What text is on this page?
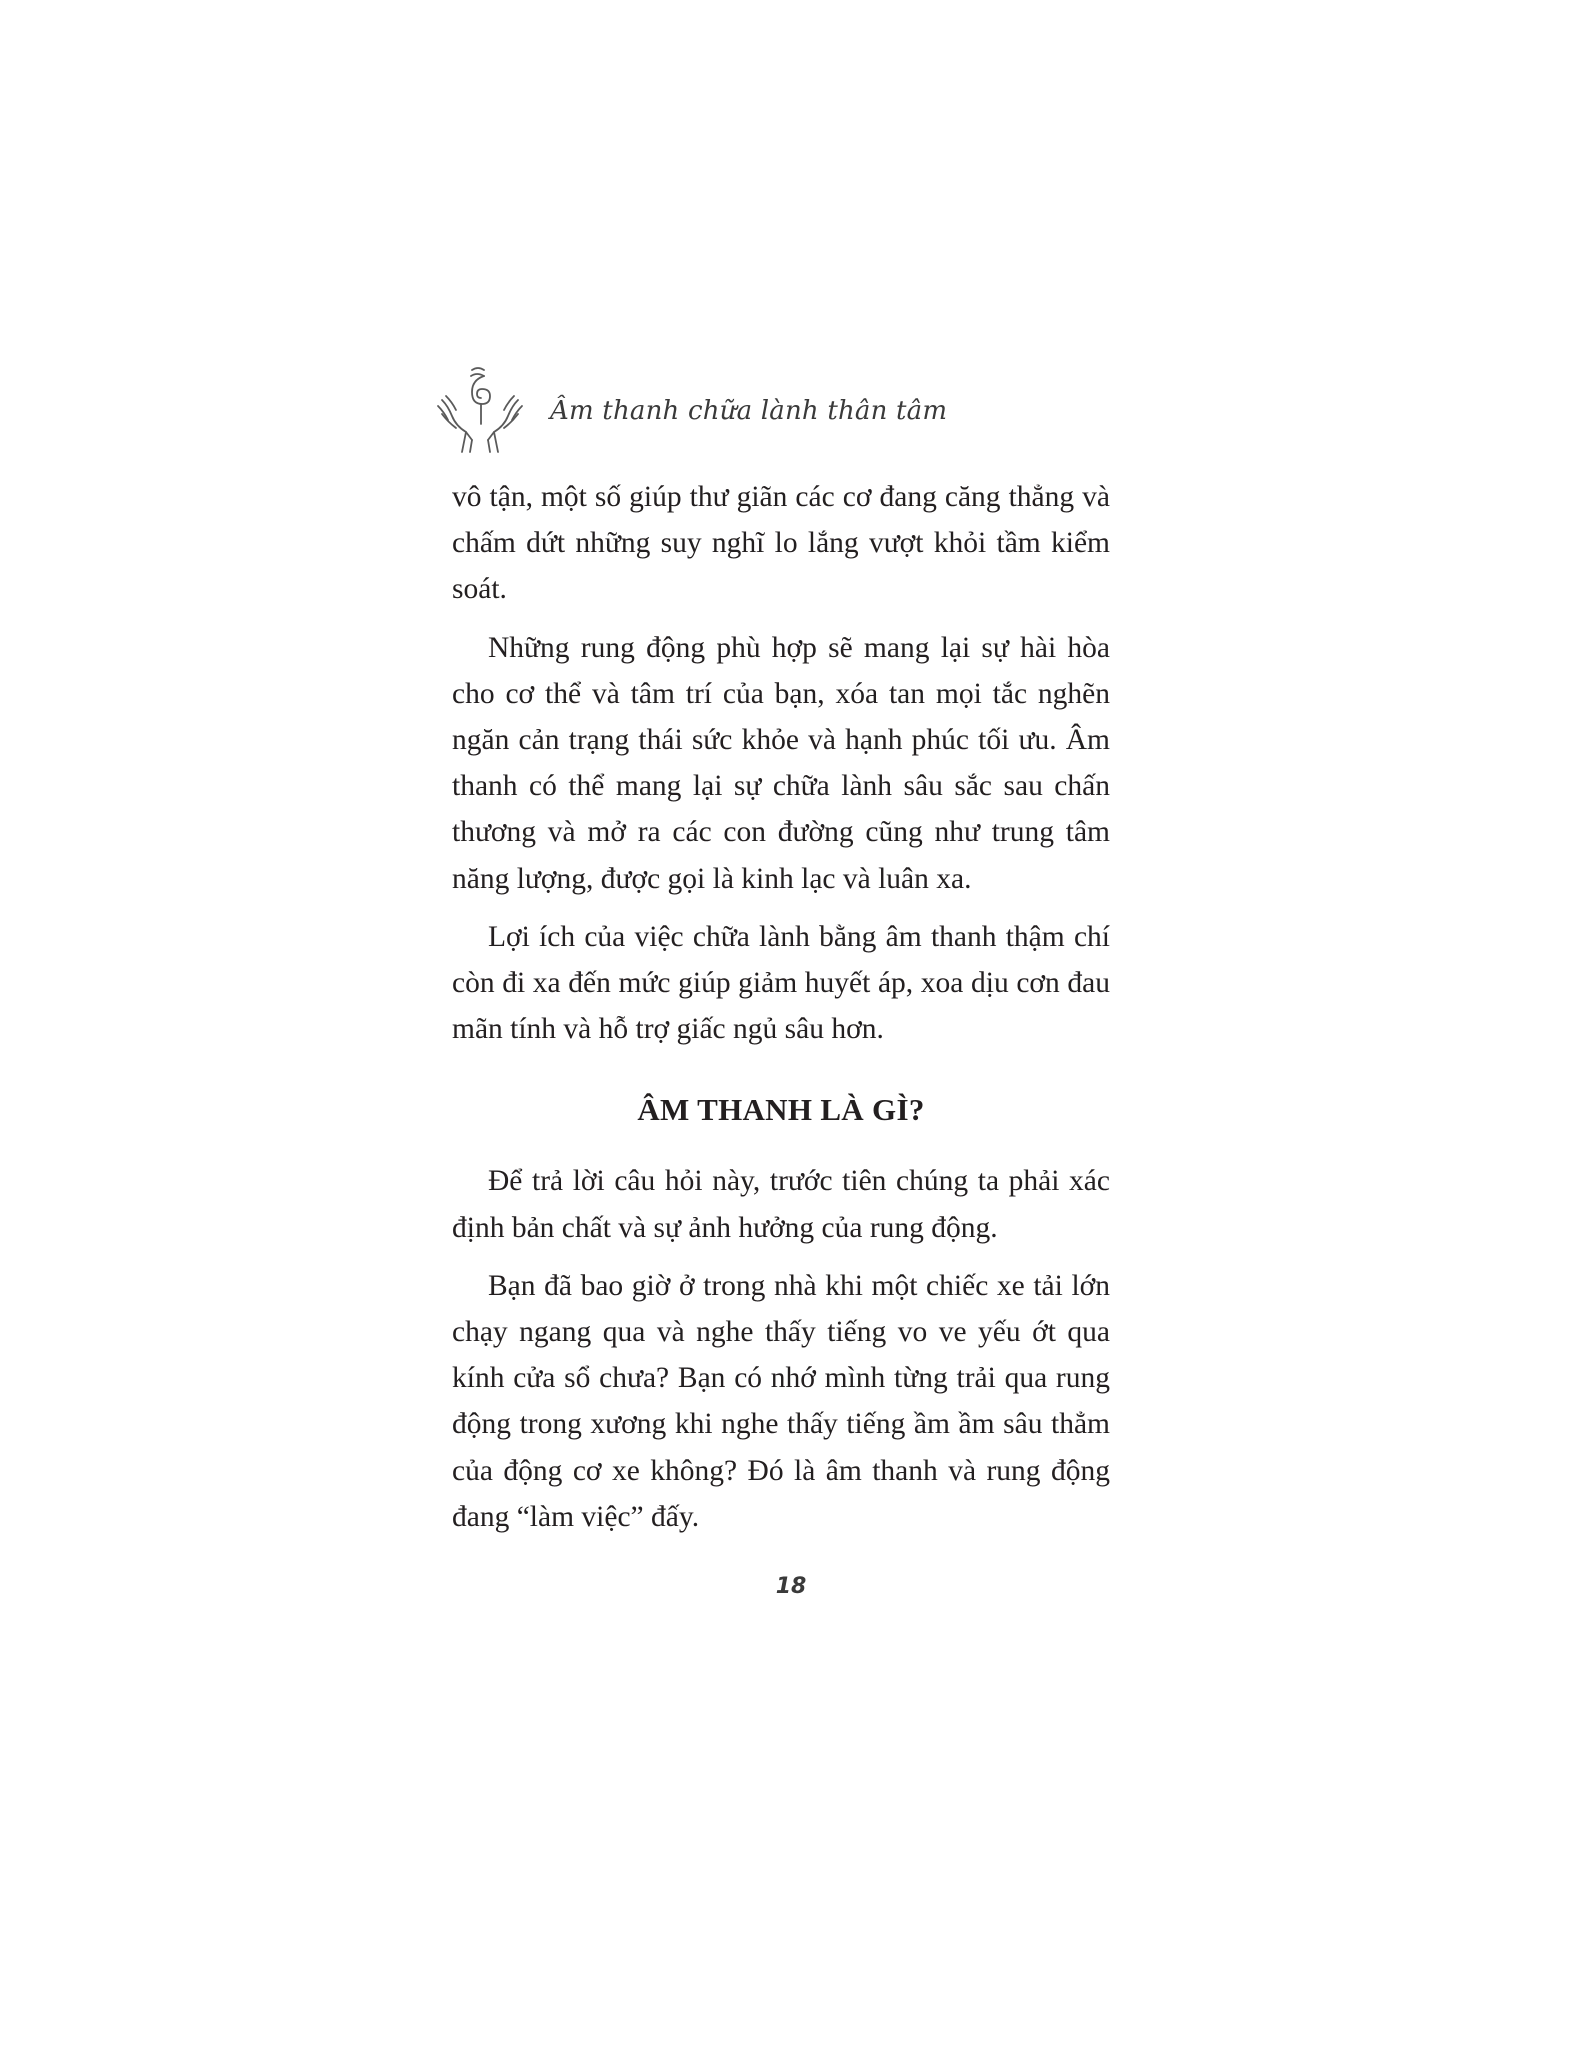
Âm thanh chữa lành thân tâm

vô tận, một số giúp thư giãn các cơ đang căng thẳng và chấm dứt những suy nghĩ lo lắng vượt khỏi tầm kiểm soát.

Những rung động phù hợp sẽ mang lại sự hài hòa cho cơ thể và tâm trí của bạn, xóa tan mọi tắc nghẽn ngăn cản trạng thái sức khỏe và hạnh phúc tối ưu. Âm thanh có thể mang lại sự chữa lành sâu sắc sau chấn thương và mở ra các con đường cũng như trung tâm năng lượng, được gọi là kinh lạc và luân xa.

Lợi ích của việc chữa lành bằng âm thanh thậm chí còn đi xa đến mức giúp giảm huyết áp, xoa dịu cơn đau mãn tính và hỗ trợ giấc ngủ sâu hơn.

ÂM THANH LÀ GÌ?

Để trả lời câu hỏi này, trước tiên chúng ta phải xác định bản chất và sự ảnh hưởng của rung động.

Bạn đã bao giờ ở trong nhà khi một chiếc xe tải lớn chạy ngang qua và nghe thấy tiếng vo ve yếu ớt qua kính cửa sổ chưa? Bạn có nhớ mình từng trải qua rung động trong xương khi nghe thấy tiếng ầm ầm sâu thẳm của động cơ xe không? Đó là âm thanh và rung động đang “làm việc” đấy.

18
